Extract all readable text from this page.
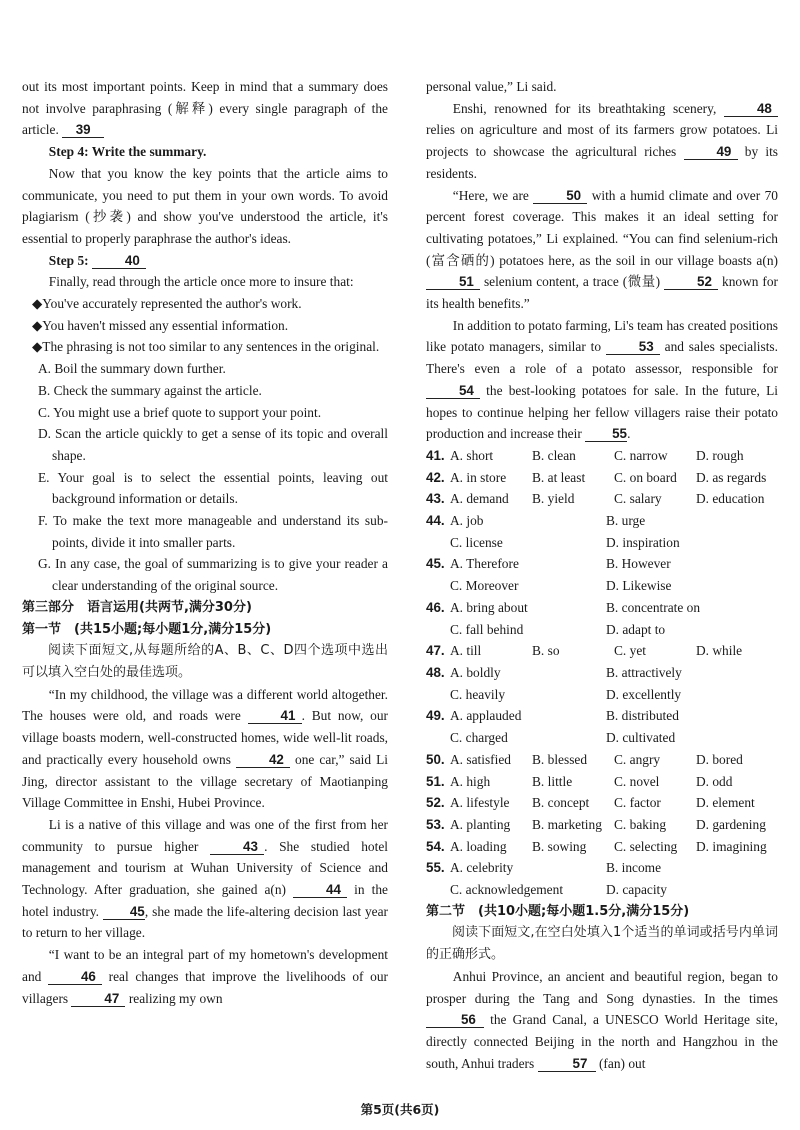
out its most important points. Keep in mind that a summary does not involve paraphrasing (解释) every single paragraph of the article. 39

Step 4: Write the summary.

Now that you know the key points that the article aims to communicate, you need to put them in your own words. To avoid plagiarism (抄袭) and show you've understood the article, it's essential to properly paraphrase the author's ideas.

Step 5:	40

Finally, read through the article once more to insure that:

◆You've accurately represented the author's work.

◆You haven't missed any essential information.

◆The phrasing is not too similar to any sentences in the original.

A. Boil the summary down further.

B. Check the summary against the article.

C. You might use a brief quote to support your point.

D. Scan the article quickly to get a sense of its topic and overall shape.

E. Your goal is to select the essential points, leaving out background information or details.

F. To make the text more manageable and understand its sub-points, divide it into smaller parts.

G. In any case, the goal of summarizing is to give your reader a clear understanding of the original source.

第三部分　语言运用(共两节,满分30分)

第一节　(共15小题;每小题1分,满分15分)

阅读下面短文,从每题所给的A、B、C、D四个选项中选出可以填入空白处的最佳选项。

“In my childhood, the village was a different world altogether. The houses were old, and roads were	41 . But now, our village boasts modern, well-constructed homes, wide well-lit roads, and practically every household owns	42 one car,” said Li Jing, director assistant to the village secretary of Maotianping Village Committee in Enshi, Hubei Province.

Li is a native of this village and was one of the first from her community to pursue higher	43 . She studied hotel management and tourism at Wuhan University of Science and Technology. After graduation, she gained a(n)	44 in the hotel industry. 45, she made the life-altering decision last year to return to her village.

“I want to be an integral part of my hometown's development and	46 real changes that improve the livelihoods of our villagers	47 realizing my own

personal value,” Li said.

Enshi, renowned for its breathtaking scenery,	48 relies on agriculture and most of its farmers grow potatoes. Li projects to showcase the agricultural riches	49 by its residents.

“Here, we are	50 with a humid climate and over 70 percent forest coverage. This makes it an ideal setting for cultivating potatoes,” Li explained. “You can find selenium-rich (富含硒的) potatoes here, as the soil in our village boasts a(n) 51 selenium content, a trace (微量)	52 known for its health benefits.”

In addition to potato farming, Li's team has created positions like potato managers, similar to	53 and sales specialists. There's even a role of a potato assessor, responsible for 54 the best-looking potatoes for sale. In the future, Li hopes to continue helping her fellow villagers raise their potato production and increase their 55.

41. A. short	B. clean	C. narrow	D. rough
42. A. in store	B. at least	C. on board	D. as regards
43. A. demand	B. yield	C. salary	D. education
44. A. job	B. urge
C. license	D. inspiration
45. A. Therefore	B. However
C. Moreover	D. Likewise
46. A. bring about	B. concentrate on
C. fall behind	D. adapt to
47. A. till	B. so	C. yet	D. while
48. A. boldly	B. attractively
C. heavily	D. excellently
49. A. applauded	B. distributed
C. charged	D. cultivated
50. A. satisfied	B. blessed	C. angry	D. bored
51. A. high	B. little	C. novel	D. odd
52. A. lifestyle	B. concept	C. factor	D. element
53. A. planting	B. marketing C. baking	D. gardening
54. A. loading	B. sowing	C. selecting	D. imagining
55. A. celebrity	B. income
C. acknowledgement	D. capacity

第二节　(共10小题;每小题1.5分,满分15分)

阅读下面短文,在空白处填入1个适当的单词或括号内单词的正确形式。

Anhui Province, an ancient and beautiful region, began to prosper during the Tang and Song dynasties. In the times 56 the Grand Canal, a UNESCO World Heritage site, directly connected Beijing in the north and Hangzhou in the south, Anhui traders	57 (fan) out

第5页(共6页)
